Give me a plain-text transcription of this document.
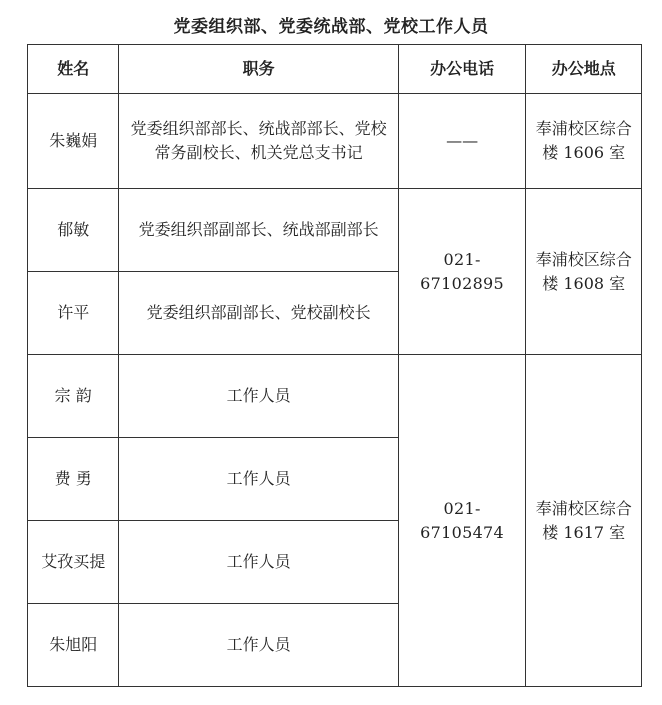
党委组织部、党委统战部、党校工作人员
姓名	职务	办公电话	办公地点
朱巍娟	党委组织部部长、统战部部长、党校常务副校长、机关党总支书记	——	奉浦校区综合楼 1606 室
郁敏	党委组织部副部长、统战部副部长	021-67102895	奉浦校区综合楼 1608 室
许平	党委组织部副部长、党校副校长		
宗 韵	工作人员	021-67105474	奉浦校区综合楼 1617 室
费 勇	工作人员		
艾孜买提	工作人员		
朱旭阳	工作人员		
